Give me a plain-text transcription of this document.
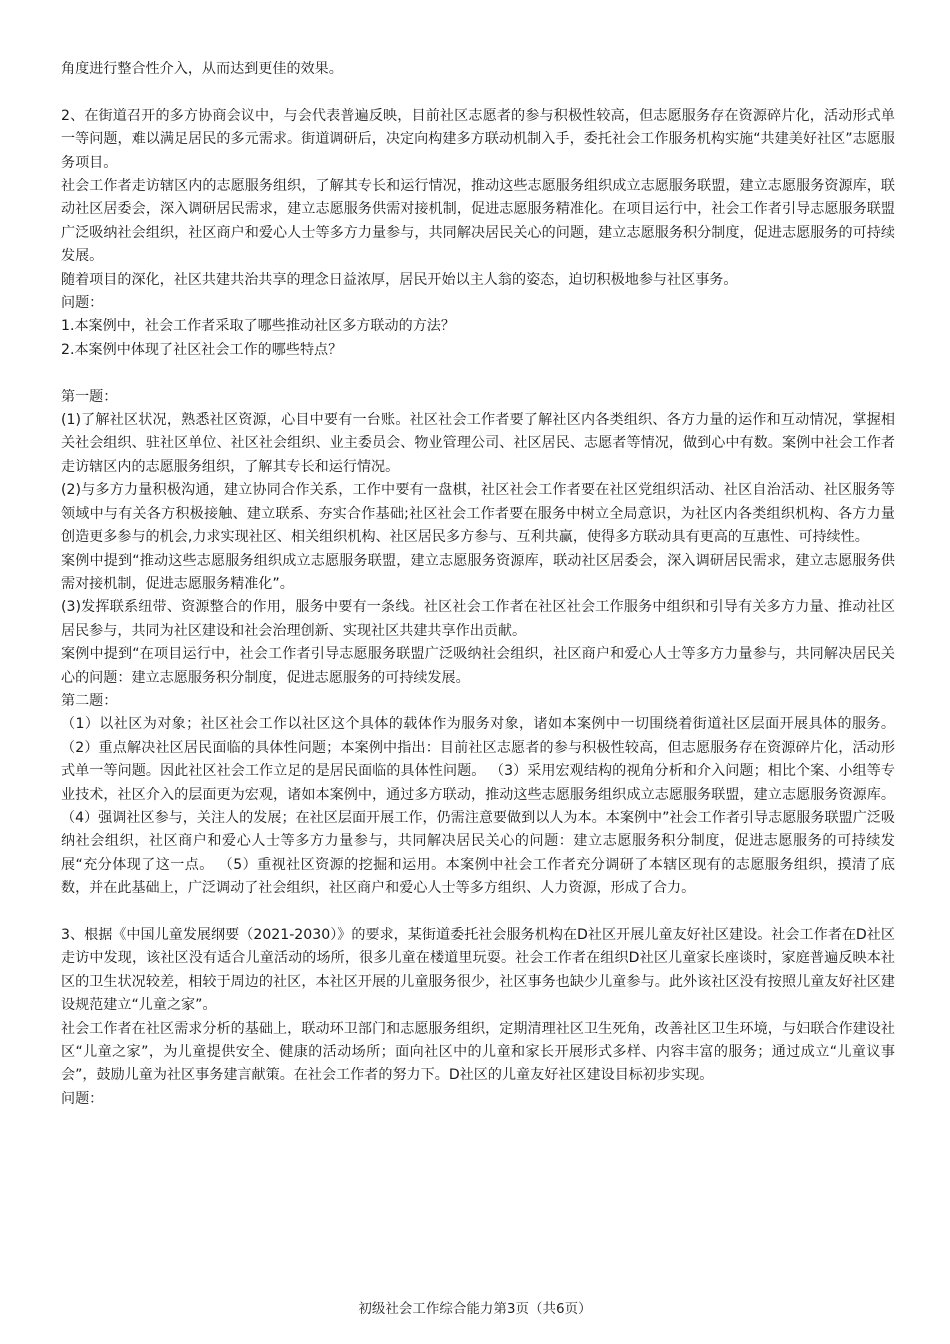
角度进行整合性介入，从而达到更佳的效果。

2、在街道召开的多方协商会议中，与会代表普遍反映，目前社区志愿者的参与积极性较高，但志愿服务存在资源碎片化，活动形式单一等问题，难以满足居民的多元需求。街道调研后，决定向构建多方联动机制入手，委托社会工作服务机构实施“共建美好社区”志愿服务项目。

社会工作者走访辖区内的志愿服务组织，了解其专长和运行情况，推动这些志愿服务组织成立志愿服务联盟，建立志愿服务资源库，联动社区居委会，深入调研居民需求，建立志愿服务供需对接机制，促进志愿服务精准化。在项目运行中，社会工作者引导志愿服务联盟广泛吸纳社会组织，社区商户和爱心人士等多方力量参与，共同解决居民关心的问题，建立志愿服务积分制度，促进志愿服务的可持续发展。

随着项目的深化，社区共建共治共享的理念日益浓厚，居民开始以主人翁的姿态，迫切积极地参与社区事务。

问题：

1.本案例中，社会工作者采取了哪些推动社区多方联动的方法？

2.本案例中体现了社区社会工作的哪些特点？

第一题：

(1)了解社区状况，熟悉社区资源，心目中要有一台账。社区社会工作者要了解社区内各类组织、各方力量的运作和互动情况，掌握相关社会组织、驻社区单位、社区社会组织、业主委员会、物业管理公司、社区居民、志愿者等情况，做到心中有数。案例中社会工作者走访辖区内的志愿服务组织，了解其专长和运行情况。

(2)与多方力量积极沟通，建立协同合作关系，工作中要有一盘棋，社区社会工作者要在社区党组织活动、社区自治活动、社区服务等领域中与有关各方积极接触、建立联系、夯实合作基础;社区社会工作者要在服务中树立全局意识，为社区内各类组织机构、各方力量创造更多参与的机会,力求实现社区、相关组织机构、社区居民多方参与、互利共赢，使得多方联动具有更高的互惠性、可持续性。

案例中提到“推动这些志愿服务组织成立志愿服务联盟，建立志愿服务资源库，联动社区居委会，深入调研居民需求，建立志愿服务供需对接机制，促进志愿服务精准化”。

(3)发挥联系纽带、资源整合的作用，服务中要有一条线。社区社会工作者在社区社会工作服务中组织和引导有关多方力量、推动社区居民参与，共同为社区建设和社会治理创新、实现社区共建共享作出贡献。

案例中提到“在项目运行中，社会工作者引导志愿服务联盟广泛吸纳社会组织，社区商户和爱心人士等多方力量参与，共同解决居民关心的问题：建立志愿服务积分制度，促进志愿服务的可持续发展。

第二题：

（1）以社区为对象；社区社会工作以社区这个具体的载体作为服务对象，诸如本案例中一切围绕着街道社区层面开展具体的服务。（2）重点解决社区居民面临的具体性问题；本案例中指出：目前社区志愿者的参与积极性较高，但志愿服务存在资源碎片化，活动形式单一等问题。因此社区社会工作立足的是居民面临的具体性问题。 （3）采用宏观结构的视角分析和介入问题；相比个案、小组等专业技术，社区介入的层面更为宏观，诸如本案例中，通过多方联动，推动这些志愿服务组织成立志愿服务联盟，建立志愿服务资源库。 （4）强调社区参与，关注人的发展；在社区层面开展工作，仍需注意要做到以人为本。本案例中”社会工作者引导志愿服务联盟广泛吸纳社会组织，社区商户和爱心人士等多方力量参与，共同解决居民关心的问题：建立志愿服务积分制度，促进志愿服务的可持续发展“充分体现了这一点。 （5）重视社区资源的挖掘和运用。本案例中社会工作者充分调研了本辖区现有的志愿服务组织，摸清了底数，并在此基础上，广泛调动了社会组织，社区商户和爱心人士等多方组织、人力资源，形成了合力。

3、根据《中国儿童发展纲要（2021-2030）》的要求，某街道委托社会服务机构在D社区开展儿童友好社区建设。社会工作者在D社区走访中发现，该社区没有适合儿童活动的场所，很多儿童在楼道里玩耍。社会工作者在组织D社区儿童家长座谈时，家庭普遍反映本社区的卫生状况较差，相较于周边的社区，本社区开展的儿童服务很少，社区事务也缺少儿童参与。此外该社区没有按照儿童友好社区建设规范建立“儿童之家”。

社会工作者在社区需求分析的基础上，联动环卫部门和志愿服务组织，定期清理社区卫生死角，改善社区卫生环境，与妇联合作建设社区“儿童之家”，为儿童提供安全、健康的活动场所；面向社区中的儿童和家长开展形式多样、内容丰富的服务；通过成立“儿童议事会”，鼓励儿童为社区事务建言献策。在社会工作者的努力下。D社区的儿童友好社区建设目标初步实现。

问题：

初级社会工作综合能力第3页（共6页）
